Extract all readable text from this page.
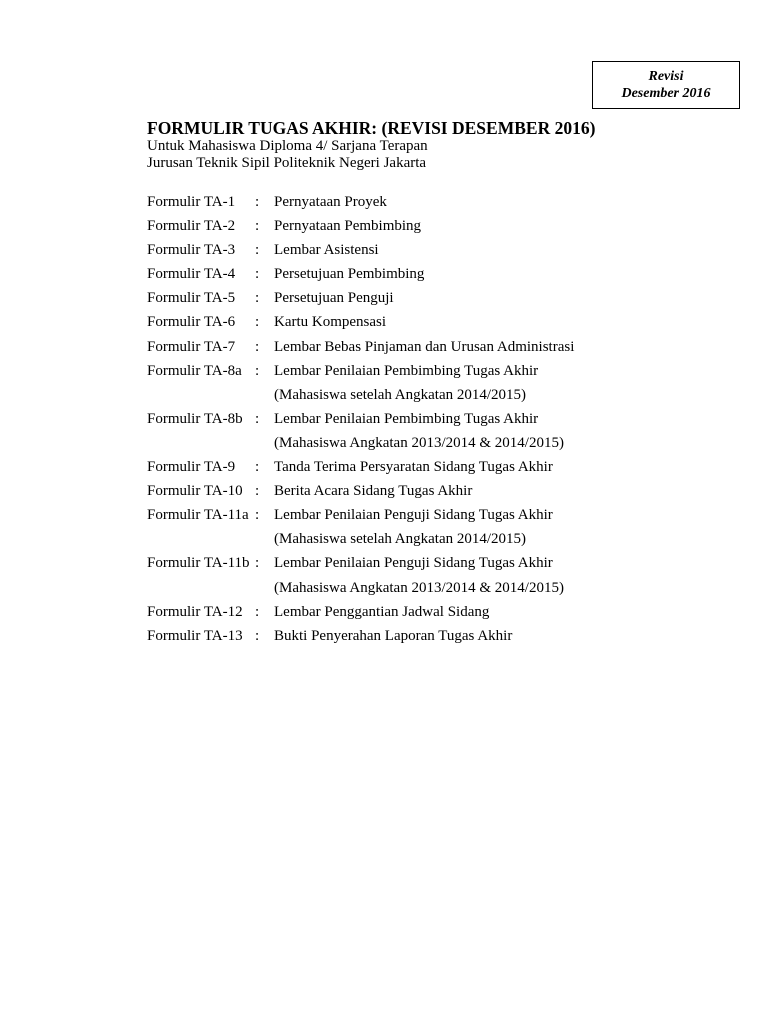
Revisi
Desember 2016

FORMULIR TUGAS AKHIR: (REVISI DESEMBER 2016)

Untuk Mahasiswa Diploma 4/ Sarjana Terapan

Jurusan Teknik Sipil Politeknik Negeri Jakarta

Formulir TA-1	: Pernyataan Proyek
Formulir TA-2	: Pernyataan Pembimbing
Formulir TA-3	: Lembar Asistensi
Formulir TA-4	: Persetujuan Pembimbing
Formulir TA-5	: Persetujuan Penguji
Formulir TA-6	: Kartu Kompensasi
Formulir TA-7	: Lembar Bebas Pinjaman dan Urusan Administrasi
Formulir TA-8a : Lembar Penilaian Pembimbing Tugas Akhir
(Mahasiswa setelah Angkatan 2014/2015)
Formulir TA-8b : Lembar Penilaian Pembimbing Tugas Akhir
(Mahasiswa Angkatan 2013/2014 & 2014/2015)
Formulir TA-9	: Tanda Terima Persyaratan Sidang Tugas Akhir
Formulir TA-10 : Berita Acara Sidang Tugas Akhir
Formulir TA-11a : Lembar Penilaian Penguji Sidang Tugas Akhir
(Mahasiswa setelah Angkatan 2014/2015)
Formulir TA-11b : Lembar Penilaian Penguji Sidang Tugas Akhir
(Mahasiswa Angkatan 2013/2014 & 2014/2015)
Formulir TA-12 : Lembar Penggantian Jadwal Sidang
Formulir TA-13 : Bukti Penyerahan Laporan Tugas Akhir
